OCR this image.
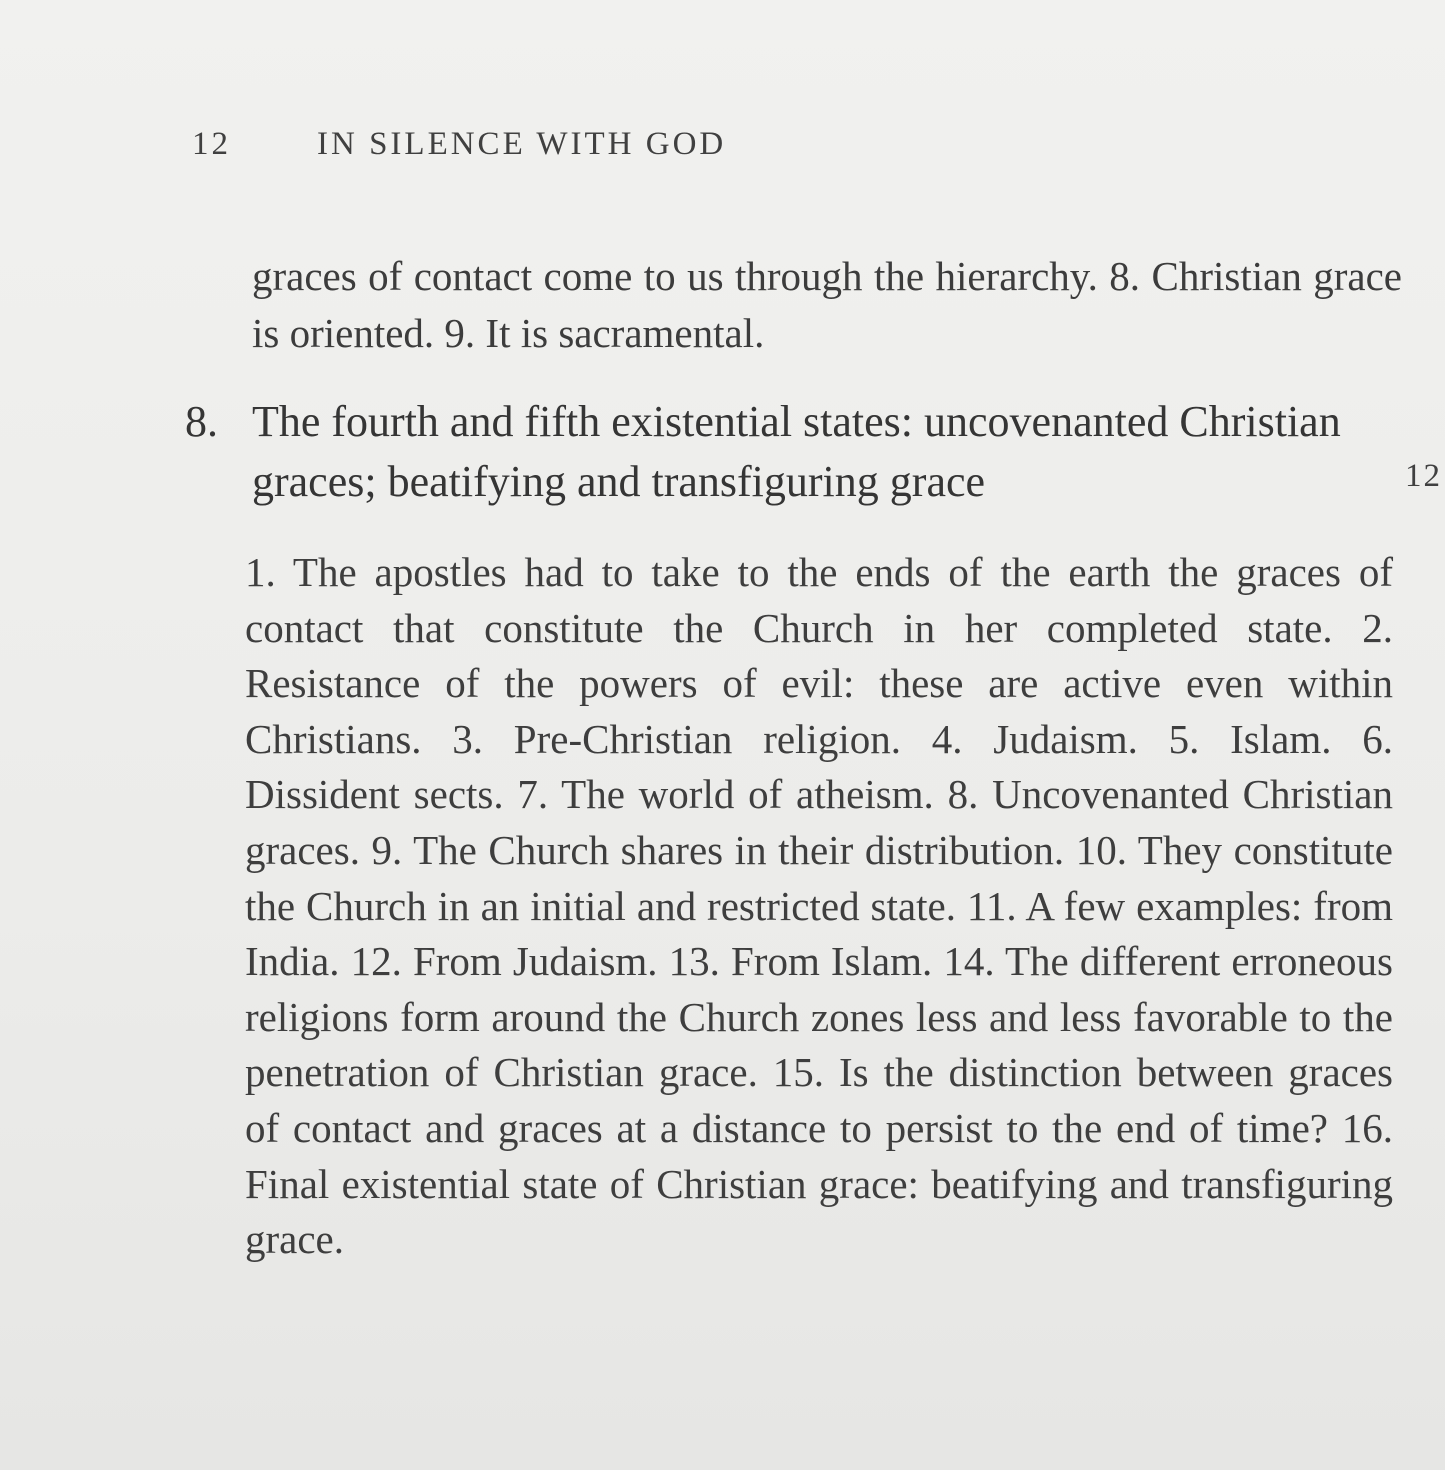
12	IN SILENCE WITH GOD
graces of contact come to us through the hierarchy. 8. Christian grace is oriented. 9. It is sacramental.
8. The fourth and fifth existential states: uncovenanted Christian graces; beatifying and transfiguring grace	12
1. The apostles had to take to the ends of the earth the graces of contact that constitute the Church in her completed state. 2. Resistance of the powers of evil: these are active even within Christians. 3. Pre-Christian religion. 4. Judaism. 5. Islam. 6. Dissident sects. 7. The world of atheism. 8. Uncovenanted Christian graces. 9. The Church shares in their distribution. 10. They constitute the Church in an initial and restricted state. 11. A few examples: from India. 12. From Judaism. 13. From Islam. 14. The different erroneous religions form around the Church zones less and less favorable to the penetration of Christian grace. 15. Is the distinction between graces of contact and graces at a distance to persist to the end of time? 16. Final existential state of Christian grace: beatifying and transfiguring grace.
